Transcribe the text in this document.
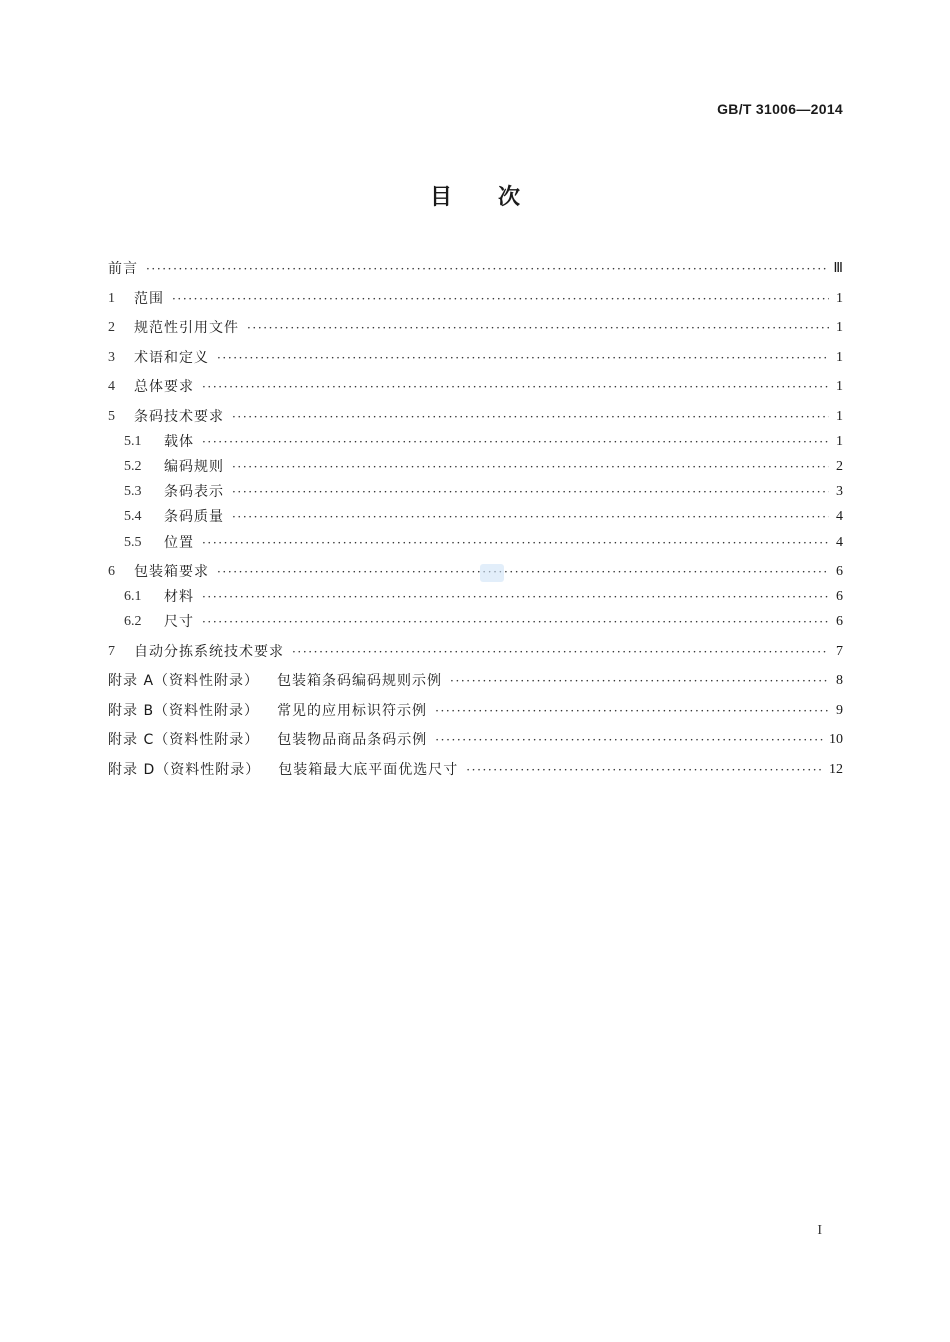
GB/T 31006—2014
目 次
前言 ·····	Ⅲ
1	范围 ·····	1
2	规范性引用文件 ·····	1
3	术语和定义 ·····	1
4	总体要求 ·····	1
5	条码技术要求 ·····	1
5.1	载体 ·····	1
5.2	编码规则 ·····	2
5.3	条码表示 ·····	3
5.4	条码质量 ·····	4
5.5	位置 ·····	4
6	包装箱要求 ·····	6
6.1	材料 ·····	6
6.2	尺寸 ·····	6
7	自动分拣系统技术要求 ·····	7
附录 A（资料性附录） 包装箱条码编码规则示例 ·····	8
附录 B（资料性附录） 常见的应用标识符示例 ·····	9
附录 C（资料性附录） 包装物品商品条码示例 ·····	10
附录 D（资料性附录） 包装箱最大底平面优选尺寸 ·····	12
I
